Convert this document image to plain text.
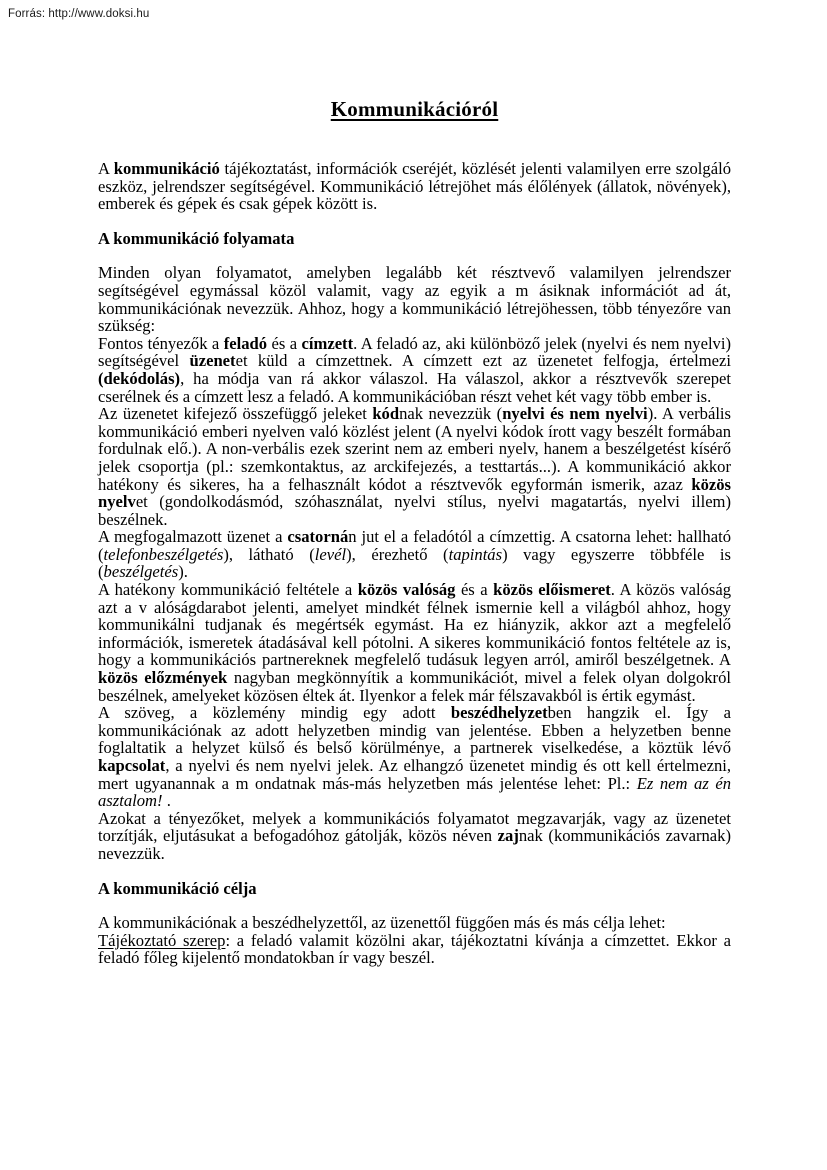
Forrás: http://www.doksi.hu
Kommunikációról

A kommunikáció tájékoztatást, információk cseréjét, közlését jelenti valamilyen erre szolgáló eszköz, jelrendszer segítségével. Kommunikáció létrejöhet más élőlények (állatok, növények), emberek és gépek és csak gépek között is.

A kommunikáció folyamata

Minden olyan folyamatot, amelyben legalább két résztvevő valamilyen jelrendszer segítségével egymással közöl valamit, vagy az egyik a m ásiknak információt ad át, kommunikációnak nevezzük. Ahhoz, hogy a kommunikáció létrejöhessen, több tényezőre van szükség:

Fontos tényezők a feladó és a címzett. A feladó az, aki különböző jelek (nyelvi és nem nyelvi) segítségével üzenetet küld a címzettnek. A címzett ezt az üzenetet felfogja, értelmezi (dekódolás), ha módja van rá akkor válaszol. Ha válaszol, akkor a résztvevők szerepet cserélnek és a címzett lesz a feladó. A kommunikációban részt vehet két vagy több ember is.

Az üzenetet kifejező összefüggő jeleket kódnak nevezzük (nyelvi és nem nyelvi). A verbális kommunikáció emberi nyelven való közlést jelent (A nyelvi kódok írott vagy beszélt formában fordulnak elő.). A non-verbális ezek szerint nem az emberi nyelv, hanem a beszélgetést kísérő jelek csoportja (pl.: szemkontaktus, az arckifejezés, a testtartás...). A kommunikáció akkor hatékony és sikeres, ha a felhasznált kódot a résztvevők egyformán ismerik, azaz közös nyelvet (gondolkodásmód, szóhasználat, nyelvi stílus, nyelvi magatartás, nyelvi illem) beszélnek.

A megfogalmazott üzenet a csatornán jut el a feladótól a címzettig. A csatorna lehet: hallható (telefonbeszélgetés), látható (levél), érezhető (tapintás) vagy egyszerre többféle is (beszélgetés).

A hatékony kommunikáció feltétele a közös valóság és a közös előismeret. A közös valóság azt a v alóságdarabot jelenti, amelyet mindkét félnek ismernie kell a világból ahhoz, hogy kommunikálni tudjanak és megértsék egymást. Ha ez hiányzik, akkor azt a megfelelő információk, ismeretek átadásával kell pótolni. A sikeres kommunikáció fontos feltétele az is, hogy a kommunikációs partnereknek megfelelő tudásuk legyen arról, amiről beszélgetnek. A közös előzmények nagyban megkönnyítik a kommunikációt, mivel a felek olyan dolgokról beszélnek, amelyeket közösen éltek át. Ilyenkor a felek már félszavakból is értik egymást.

A szöveg, a közlemény mindig egy adott beszédhelyzetben hangzik el. Így a kommunikációnak az adott helyzetben mindig van jelentése. Ebben a helyzetben benne foglaltatik a helyzet külső és belső körülménye, a partnerek viselkedése, a köztük lévő kapcsolat, a nyelvi és nem nyelvi jelek. Az elhangzó üzenetet mindig és ott kell értelmezni, mert ugyanannak a m ondatnak más-más helyzetben más jelentése lehet: Pl.: Ez nem az én asztalom! .

Azokat a tényezőket, melyek a kommunikációs folyamatot megzavarják, vagy az üzenetet torzítják, eljutásukat a befogadóhoz gátolják, közös néven zajnak (kommunikációs zavarnak) nevezzük.

A kommunikáció célja

A kommunikációnak a beszédhelyzettől, az üzenettől függően más és más célja lehet:

Tájékoztató szerep: a feladó valamit közölni akar, tájékoztatni kívánja a címzettet. Ekkor a feladó főleg kijelentő mondatokban ír vagy beszél.
